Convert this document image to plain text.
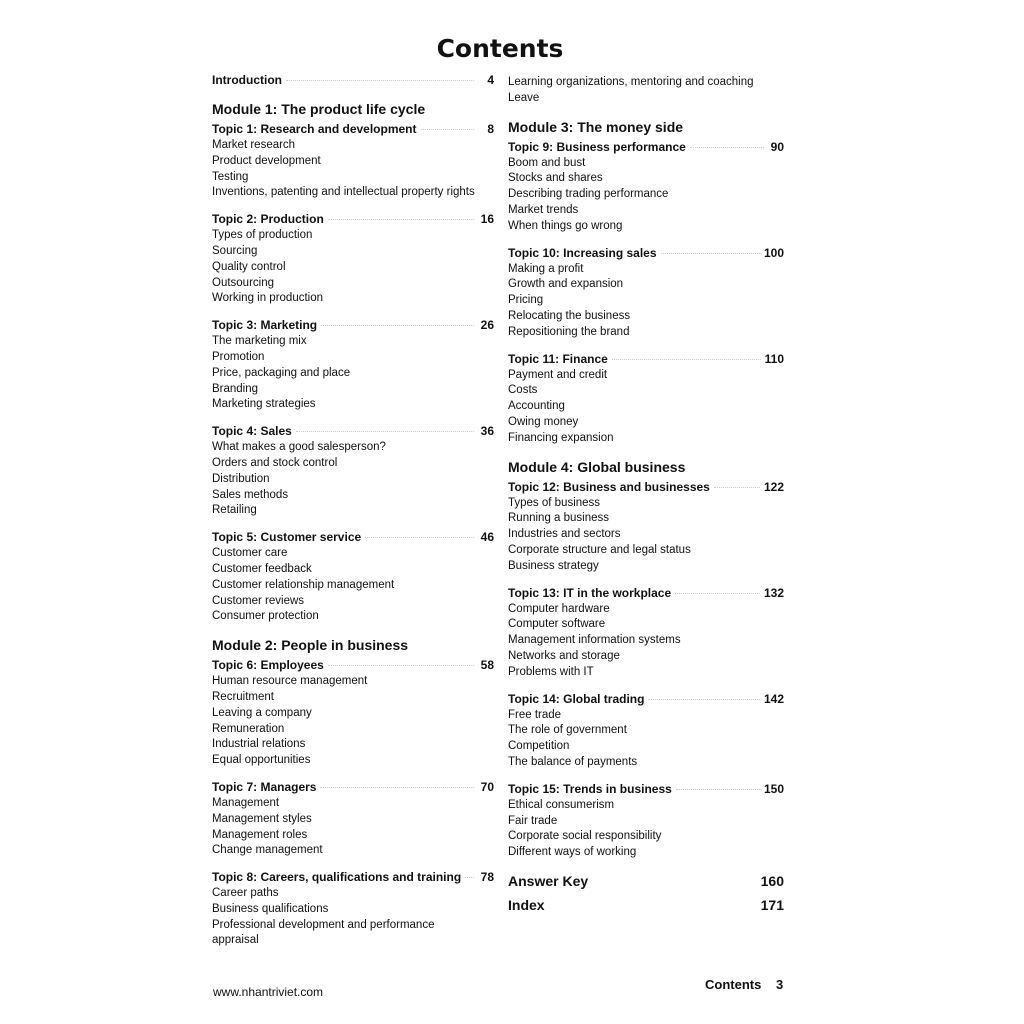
Contents
Introduction	4
Module 1: The product life cycle
Topic 1: Research and development	8
Market research
Product development
Testing
Inventions, patenting and intellectual property rights
Topic 2: Production	16
Types of production
Sourcing
Quality control
Outsourcing
Working in production
Topic 3: Marketing	26
The marketing mix
Promotion
Price, packaging and place
Branding
Marketing strategies
Topic 4: Sales	36
What makes a good salesperson?
Orders and stock control
Distribution
Sales methods
Retailing
Topic 5: Customer service	46
Customer care
Customer feedback
Customer relationship management
Customer reviews
Consumer protection
Module 2: People in business
Topic 6: Employees	58
Human resource management
Recruitment
Leaving a company
Remuneration
Industrial relations
Equal opportunities
Topic 7: Managers	70
Management
Management styles
Management roles
Change management
Topic 8: Careers, qualifications and training 78
Career paths
Business qualifications
Professional development and performance
appraisal
Learning organizations, mentoring and coaching
Leave
Module 3: The money side
Topic 9: Business performance	90
Boom and bust
Stocks and shares
Describing trading performance
Market trends
When things go wrong
Topic 10: Increasing sales	100
Making a profit
Growth and expansion
Pricing
Relocating the business
Repositioning the brand
Topic 11: Finance	110
Payment and credit
Costs
Accounting
Owing money
Financing expansion
Module 4: Global business
Topic 12: Business and businesses	122
Types of business
Running a business
Industries and sectors
Corporate structure and legal status
Business strategy
Topic 13: IT in the workplace	132
Computer hardware
Computer software
Management information systems
Networks and storage
Problems with IT
Topic 14: Global trading	142
Free trade
The role of government
Competition
The balance of payments
Topic 15: Trends in business	150
Ethical consumerism
Fair trade
Corporate social responsibility
Different ways of working
Answer Key	160
Index	171
www.nhantriviet.com	Contents 3
